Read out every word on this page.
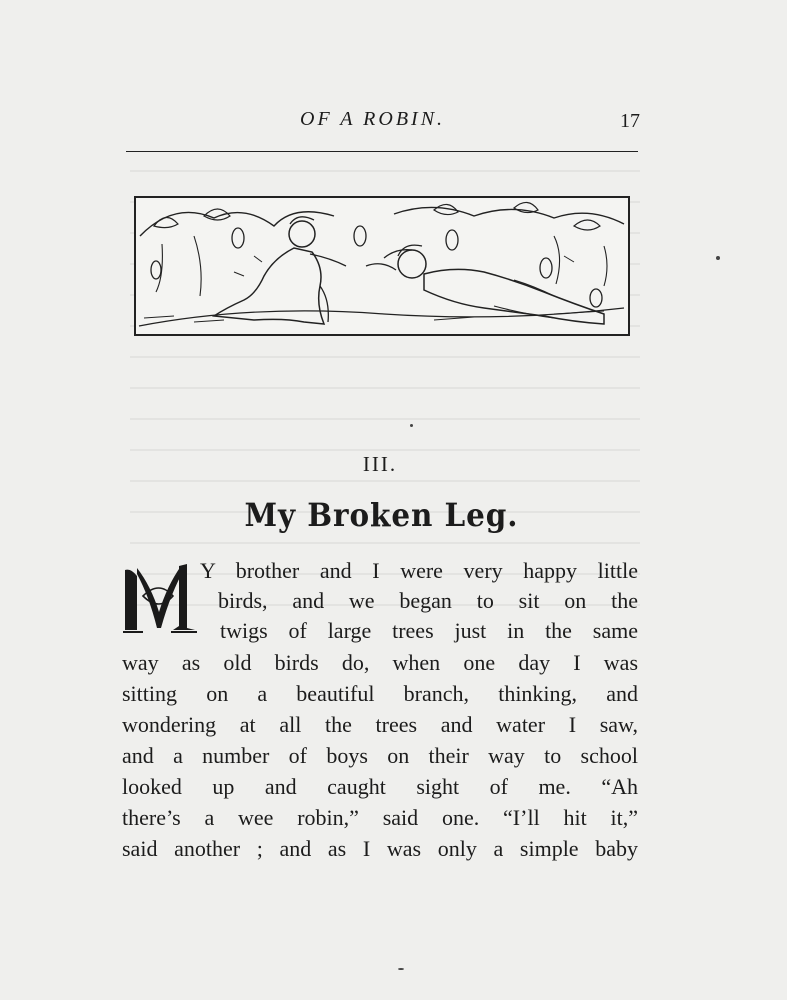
OF A ROBIN.	17
III.
My Broken Leg.
Y brother and I were very happy little
birds, and we began to sit on the
twigs of large trees just in the same
way as old birds do, when one day I was
sitting on a beautiful branch, thinking, and
wondering at all the trees and water I saw,
and a number of boys on their way to school
looked up and caught sight of me. “Ah
there’s a wee robin,” said one. “I’ll hit it,”
said another ; and as I was only a simple baby
